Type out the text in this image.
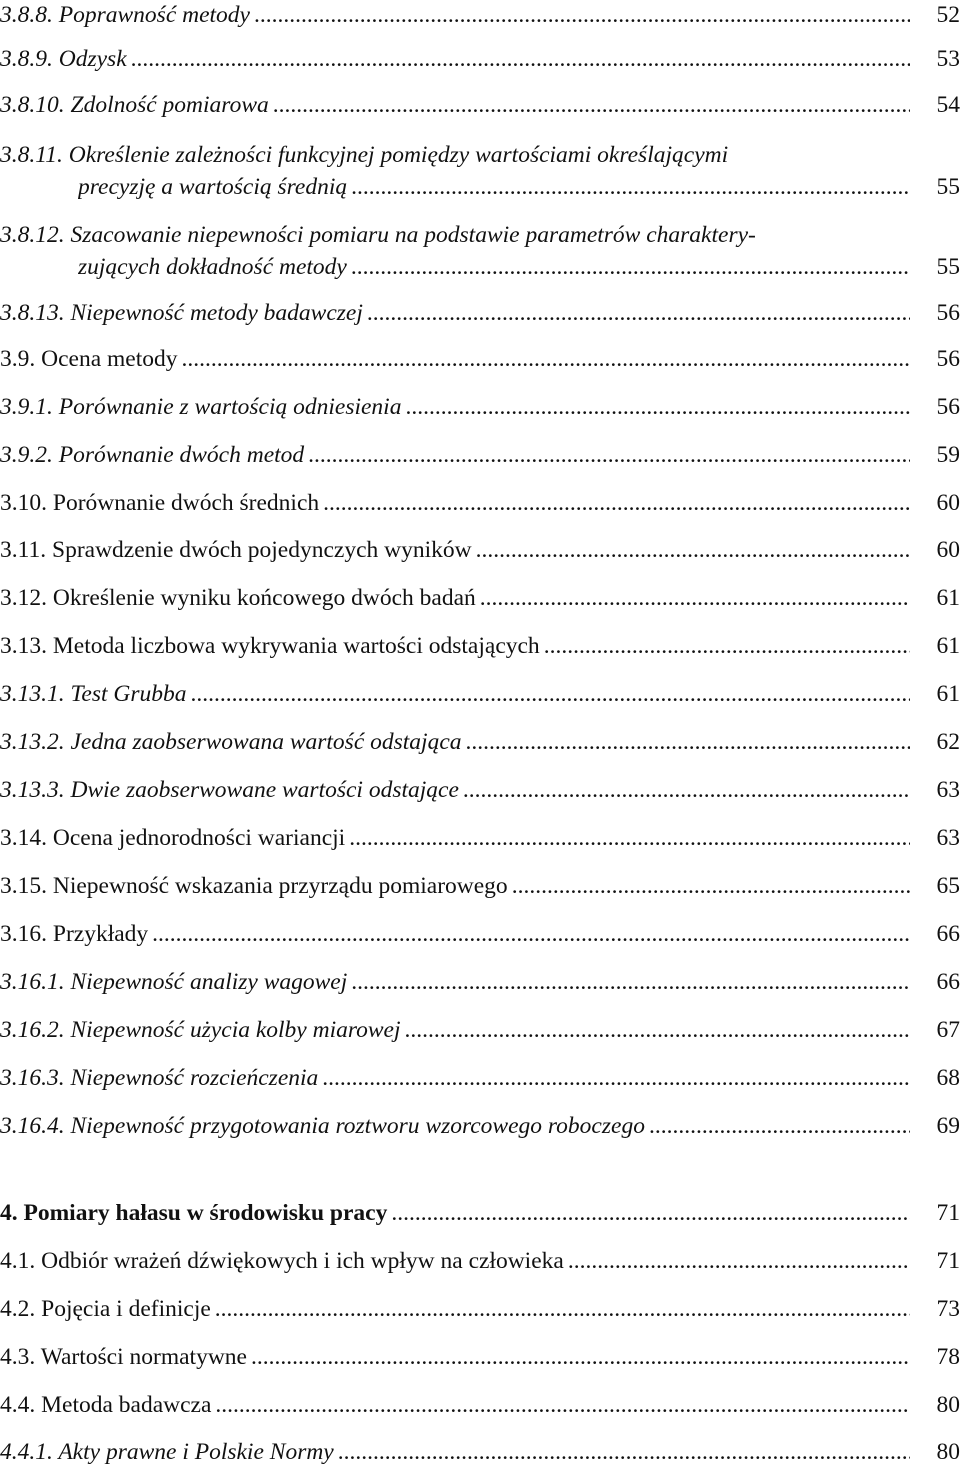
3.8.8. Poprawność metody .....	52
3.8.9. Odzysk .....	53
3.8.10. Zdolność pomiarowa .....	54
3.8.11. Określenie zależności funkcyjnej pomiędzy wartościami określającymi
precyzję a wartością średnią .....	55
3.8.12. Szacowanie niepewności pomiaru na podstawie parametrów charaktery-
zujących dokładność metody .....	55
3.8.13. Niepewność metody badawczej .....	56
3.9. Ocena metody .....	56
3.9.1. Porównanie z wartością odniesienia .....	56
3.9.2. Porównanie dwóch metod .....	59
3.10. Porównanie dwóch średnich .....	60
3.11. Sprawdzenie dwóch pojedynczych wyników .....	60
3.12. Określenie wyniku końcowego dwóch badań .....	61
3.13. Metoda liczbowa wykrywania wartości odstających .....	61
3.13.1. Test Grubba .....	61
3.13.2. Jedna zaobserwowana wartość odstająca .....	62
3.13.3. Dwie zaobserwowane wartości odstające .....	63
3.14. Ocena jednorodności wariancji .....	63
3.15. Niepewność wskazania przyrządu pomiarowego .....	65
3.16. Przykłady .....	66
3.16.1. Niepewność analizy wagowej .....	66
3.16.2. Niepewność użycia kolby miarowej .....	67
3.16.3. Niepewność rozcieńczenia .....	68
3.16.4. Niepewność przygotowania roztworu wzorcowego roboczego .....	69
4. Pomiary hałasu w środowisku pracy .....	71
4.1. Odbiór wrażeń dźwiękowych i ich wpływ na człowieka .....	71
4.2. Pojęcia i definicje .....	73
4.3. Wartości normatywne .....	78
4.4. Metoda badawcza .....	80
4.4.1. Akty prawne i Polskie Normy .....	80
